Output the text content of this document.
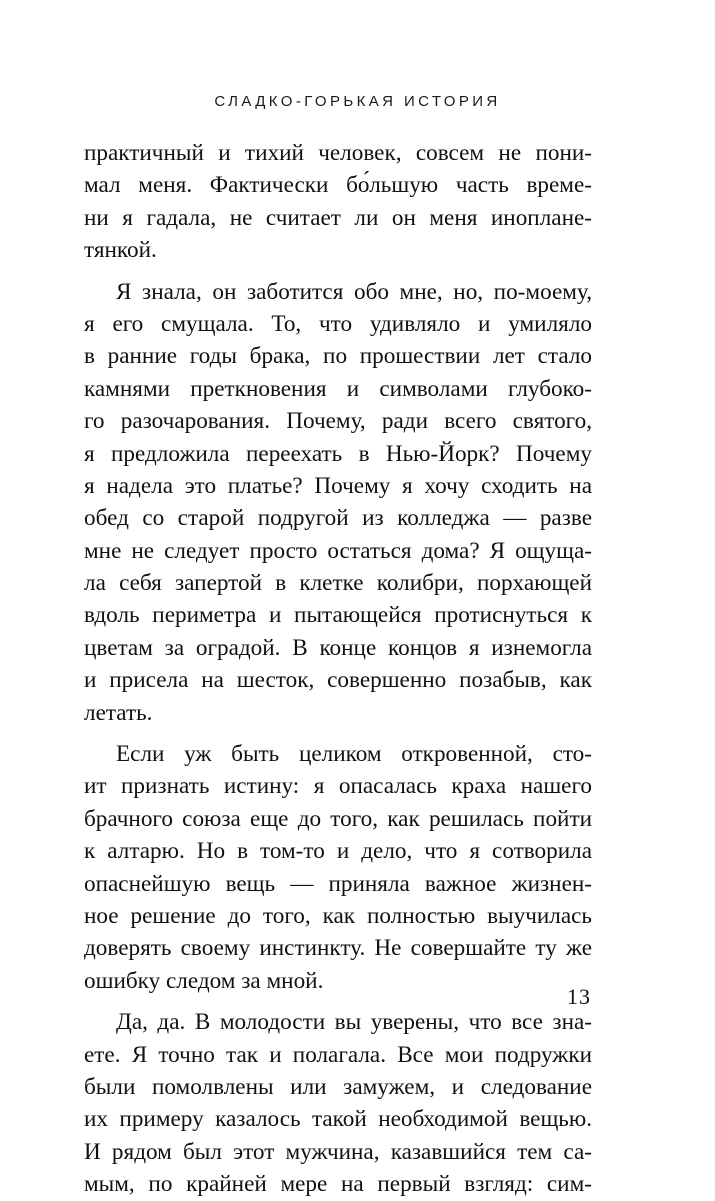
СЛАДКО-ГОРЬКАЯ ИСТОРИЯ
практичный и тихий человек, совсем не пони-
мал меня. Фактически бо́льшую часть време-
ни я гадала, не считает ли он меня инопланe-
тянкой.
Я знала, он заботится обо мне, но, по-моему,
я его смущала. То, что удивляло и умиляло
в ранние годы брака, по прошествии лет стало
камнями преткновения и символами глубоко-
го разочарования. Почему, ради всего святого,
я предложила переехать в Нью-Йорк? Почему
я надела это платье? Почему я хочу сходить на
обед со старой подругой из колледжа — разве
мне не следует просто остаться дома? Я ощуща-
ла себя запертой в клетке колибри, порхающей
вдоль периметра и пытающейся протиснуться к
цветам за оградой. В конце концов я изнемогла
и присела на шесток, совершенно позабыв, как
летать.
Если уж быть целиком откровенной, сто-
ит признать истину: я опасалась краха нашего
брачного союза еще до того, как решилась пойти
к алтарю. Но в том-то и дело, что я сотворила
опаснейшую вещь — приняла важное жизнен-
ное решение до того, как полностью выучилась
доверять своему инстинкту. Не совершайте ту же
ошибку следом за мной.
Да, да. В молодости вы уверены, что все зна-
ете. Я точно так и полагала. Все мои подружки
были помолвлены или замужем, и следование
их примеру казалось такой необходимой вещью.
И рядом был этот мужчина, казавшийся тем са-
мым, по крайней мере на первый взгляд: сим-
13
